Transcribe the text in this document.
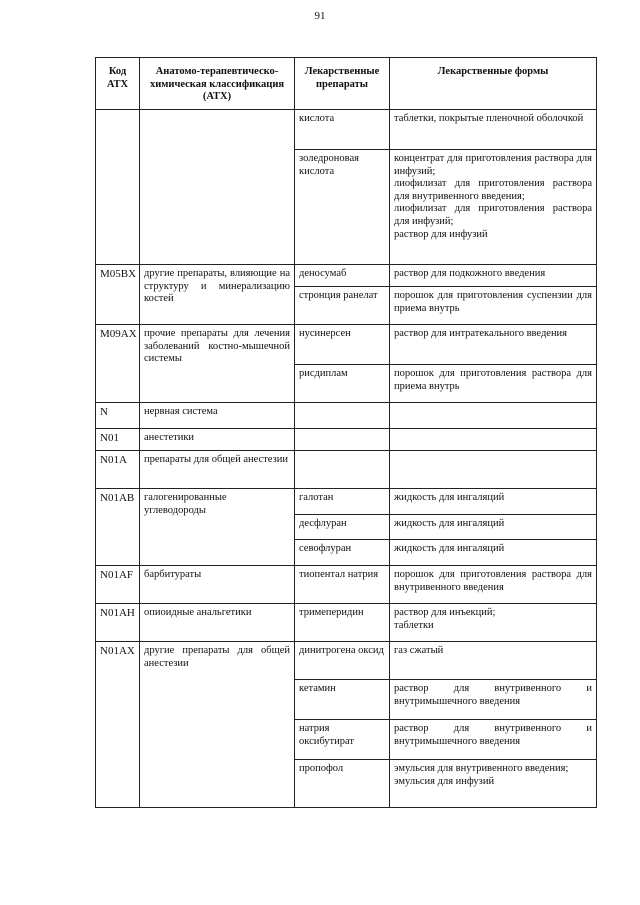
91
Код АТХ	Анатомо-терапевтическо-химическая классификация (АТХ)	Лекарственные препараты	Лекарственные формы
		кислота	таблетки, покрытые пленочной оболочкой

		золедроновая кислота	концентрат для приготовления раствора для инфузий;
лиофилизат для приготовления раствора для внутривенного введения;
лиофилизат для приготовления раствора для инфузий;
раствор для инфузий

M05BX	другие препараты, влияющие на структуру и минерализацию костей	деносумаб	раствор для подкожного введения

		стронция ранелат	порошок для приготовления суспензии для приема внутрь

M09AX	прочие препараты для лечения заболеваний костно-мышечной системы	нусинерсен	раствор для интратекального введения

		рисдиплам	порошок для приготовления раствора для приема внутрь

N	нервная система		
N01	анестетики		
N01A	препараты для общей анестезии		
N01AB	галогенированные углеводороды	галотан	жидкость для ингаляций

		десфлуран	жидкость для ингаляций

		севофлуран	жидкость для ингаляций

N01AF	барбитураты	тиопентал натрия	порошок для приготовления раствора для внутривенного введения

N01AH	опиоидные анальгетики	тримеперидин	раствор для инъекций;
таблетки

N01AX	другие препараты для общей анестезии	динитрогена оксид	газ сжатый

		кетамин	раствор для внутривенного и внутримышечного введения

		натрия оксибутират	раствор для внутривенного и внутримышечного введения

		пропофол	эмульсия для внутривенного введения;
эмульсия для инфузий
